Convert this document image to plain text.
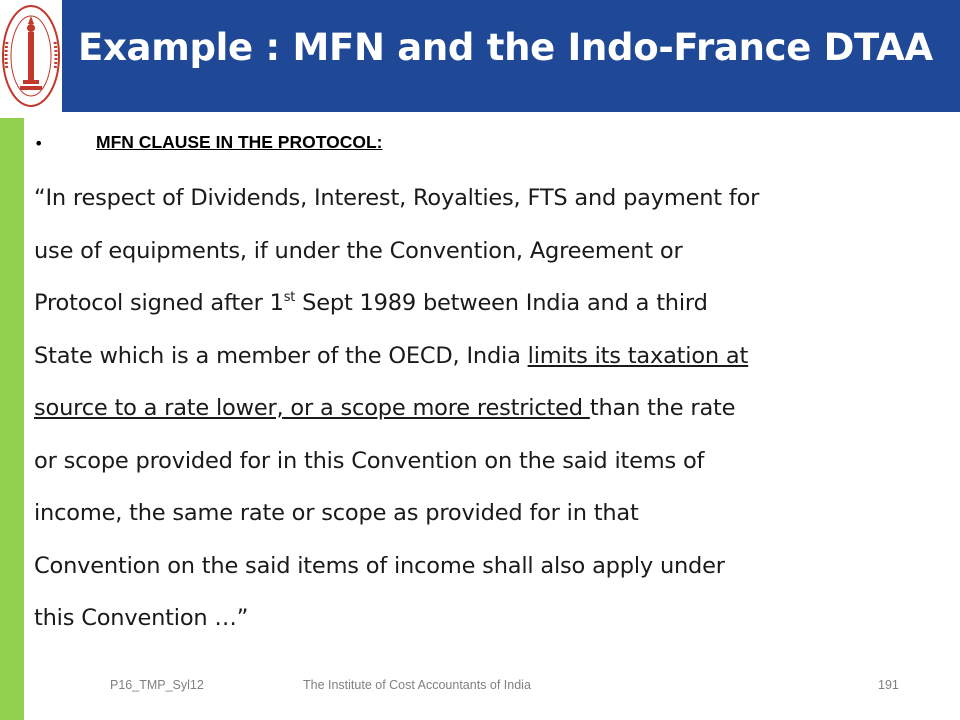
Example : MFN and the Indo-France DTAA
•	MFN CLAUSE IN THE PROTOCOL:
“In respect of Dividends, Interest, Royalties, FTS and payment for
use of equipments, if under the Convention, Agreement or
Protocol signed after 1st Sept 1989 between India and a third
State which is a member of the OECD, India limits its taxation at
source to a rate lower, or a scope more restricted than the rate
or scope provided for in this Convention on the said items of
income, the same rate or scope as provided for in that
Convention on the said items of income shall also apply under
this Convention …”
P16_TMP_Syl12	The Institute of Cost Accountants of India	191
